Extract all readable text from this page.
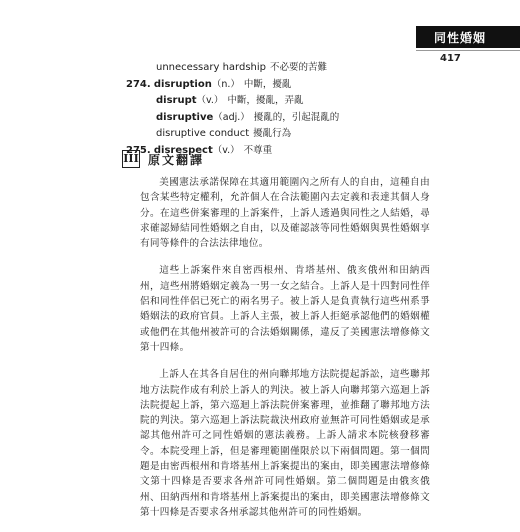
同性婚姻
417
unnecessary hardship 不必要的苦難
274. disruption（n.） 中斷，擾亂
disrupt（v.） 中斷，擾亂，弄亂
disruptive（adj.） 擾亂的，引起混亂的
disruptive conduct 擾亂行為
275. disrespect（v.） 不尊重
III 原文翻譯

美國憲法承諾保障在其適用範圍內之所有人的自由，這種自由包含某些特定權利，允許個人在合法範圍內去定義和表達其個人身分。在這些併案審理的上訴案件，上訴人透過與同性之人結婚，尋求確認婦結同性婚姻之自由，以及確認該等同性婚姻與異性婚姻享有同等條件的合法法律地位。

這些上訴案件來自密西根州、肯塔基州、俄亥俄州和田納西州，這些州將婚姻定義為一男一女之結合。上訴人是十四對同性伴侶和同性伴侶已死亡的兩名男子。被上訴人是負責執行這些州系爭婚姻法的政府官員。上訴人主張，被上訴人拒絕承認他們的婚姻權或他們在其他州被許可的合法婚姻關係，違反了美國憲法增修條文第十四條。

上訴人在其各自居住的州向聯邦地方法院提起訴訟，這些聯邦地方法院作成有利於上訴人的判決。被上訴人向聯邦第六巡迴上訴法院提起上訴，第六巡迴上訴法院併案審理，並推翻了聯邦地方法院的判決。第六巡迴上訴法院裁決州政府並無許可同性婚姻或是承認其他州許可之同性婚姻的憲法義務。上訴人請求本院核發移審令。本院受理上訴，但是審理範圍僅限於以下兩個問題。第一個問題是由密西根州和肯塔基州上訴案提出的案由，即美國憲法增修條文第十四條是否要求各州許可同性婚姻。第二個問題是由俄亥俄州、田納西州和肯塔基州上訴案提出的案由，即美國憲法增修條文第十四條是否要求各州承認其他州許可的同性婚姻。
